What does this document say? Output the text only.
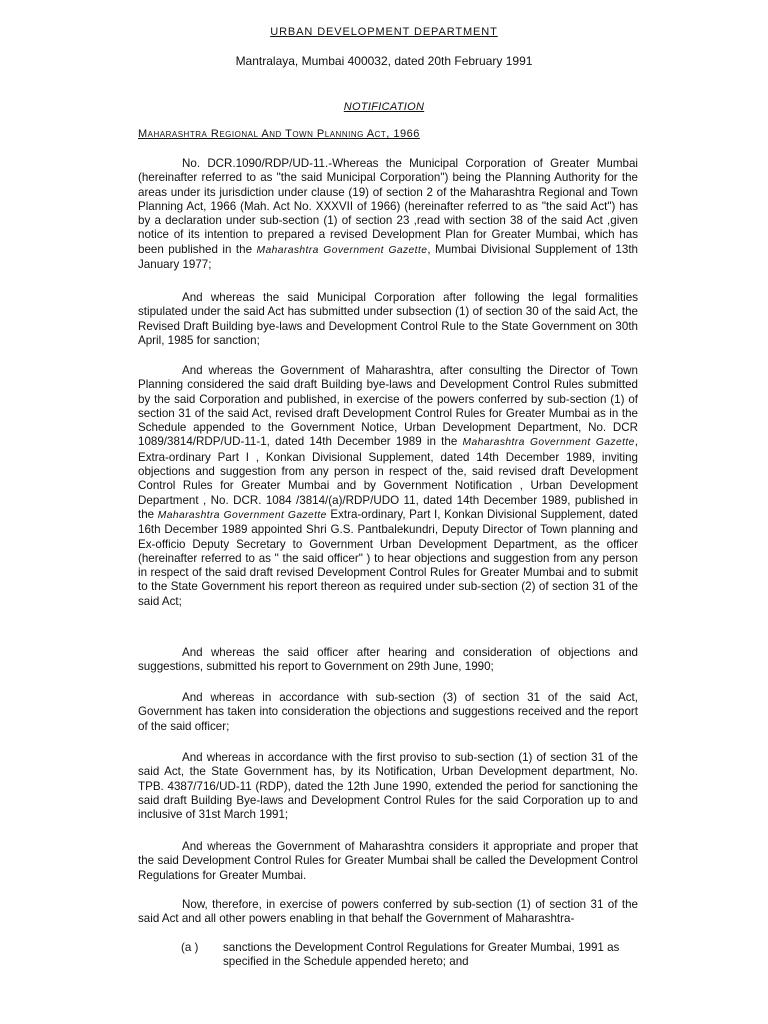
URBAN DEVELOPMENT DEPARTMENT
Mantralaya, Mumbai 400032, dated 20th February 1991
NOTIFICATION
Maharashtra Regional And Town Planning Act, 1966
No. DCR.1090/RDP/UD-11.-Whereas the Municipal Corporation of Greater Mumbai (hereinafter referred to as "the said Municipal Corporation") being the Planning Authority for the areas under its jurisdiction under clause (19) of section 2 of the Maharashtra Regional and Town Planning Act, 1966 (Mah. Act No. XXXVII of 1966) (hereinafter referred to as "the said Act") has by a declaration under sub-section (1) of section 23 ,read with section 38 of the said Act ,given notice of its intention to prepared a revised Development Plan for Greater Mumbai, which has been published in the Maharashtra Government Gazette, Mumbai Divisional Supplement of 13th January 1977;
And whereas the said Municipal Corporation after following the legal formalities stipulated under the said Act has submitted under subsection (1) of section 30 of the said Act, the Revised Draft Building bye-laws and Development Control Rule to the State Government on 30th April, 1985 for sanction;
And whereas the Government of Maharashtra, after consulting the Director of Town Planning considered the said draft Building bye-laws and Development Control Rules submitted by the said Corporation and published, in exercise of the powers conferred by sub-section (1) of section 31 of the said Act, revised draft Development Control Rules for Greater Mumbai as in the Schedule appended to the Government Notice, Urban Development Department, No. DCR 1089/3814/RDP/UD-11-1, dated 14th December 1989 in the Maharashtra Government Gazette, Extra-ordinary Part I , Konkan Divisional Supplement, dated 14th December 1989, inviting objections and suggestion from any person in respect of the, said revised draft Development Control Rules for Greater Mumbai and by Government Notification , Urban Development Department , No. DCR. 1084 /3814/(a)/RDP/UDO 11, dated 14th December 1989, published in the Maharashtra Government Gazette Extra-ordinary, Part I, Konkan Divisional Supplement, dated 16th December 1989 appointed Shri G.S. Pantbalekundri, Deputy Director of Town planning and Ex-officio Deputy Secretary to Government Urban Development Department, as the officer (hereinafter referred to as " the said officer" ) to hear objections and suggestion from any person in respect of the said draft revised Development Control Rules for Greater Mumbai and to submit to the State Government his report thereon as required under sub-section (2) of section 31 of the said Act;
And whereas the said officer after hearing and consideration of objections and suggestions, submitted his report to Government on 29th June, 1990;
And whereas in accordance with sub-section (3) of section 31 of the said Act, Government has taken into consideration the objections and suggestions received and the report of the said officer;
And whereas in accordance with the first proviso to sub-section (1) of section 31 of the said Act, the State Government has, by its Notification, Urban Development department, No. TPB. 4387/716/UD-11 (RDP), dated the 12th June 1990, extended the period for sanctioning the said draft Building Bye-laws and Development Control Rules for the said Corporation up to and inclusive of 31st March 1991;
And whereas the Government of Maharashtra considers it appropriate and proper that the said Development Control Rules for Greater Mumbai shall be called the Development Control Regulations for Greater Mumbai.
Now, therefore, in exercise of powers conferred by sub-section (1) of section 31 of the said Act and all other powers enabling in that behalf the Government of Maharashtra-
(a ) sanctions the Development Control Regulations for Greater Mumbai, 1991 as specified in the Schedule appended hereto; and
